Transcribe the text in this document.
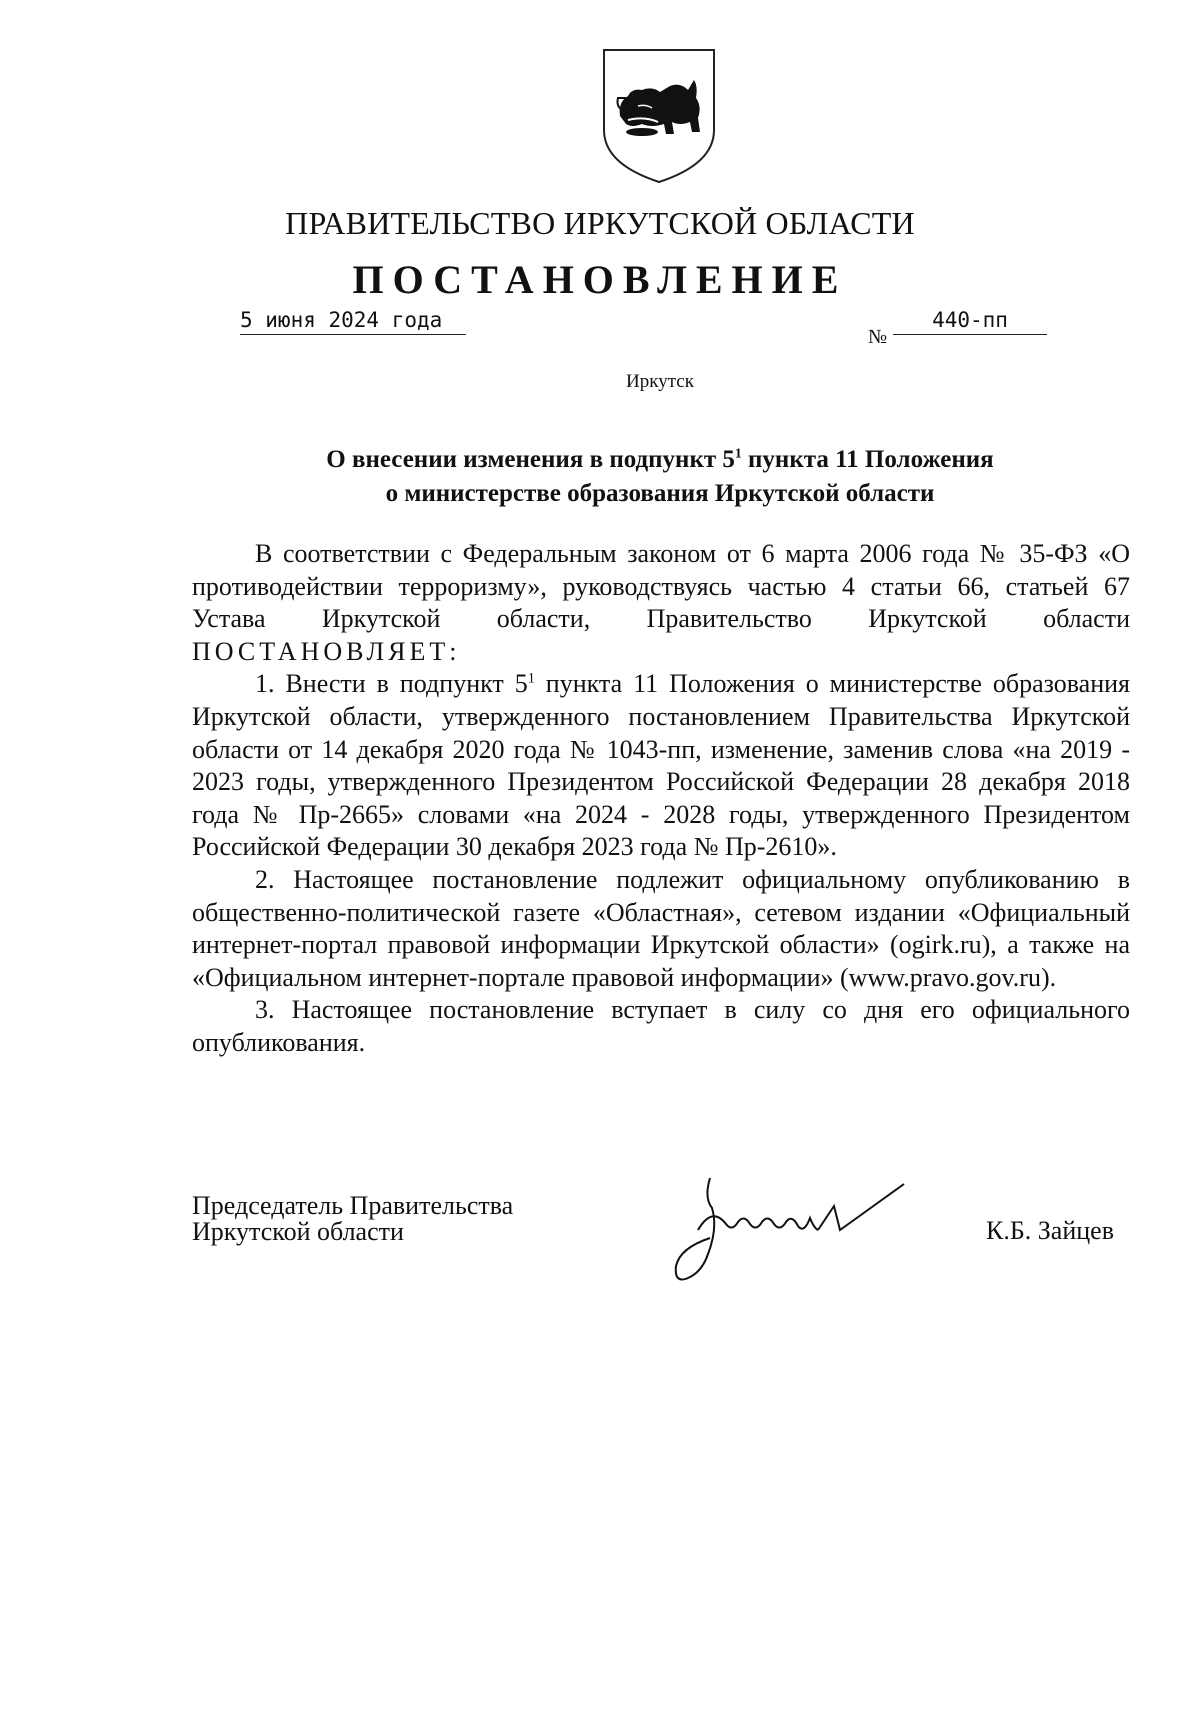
ПРАВИТЕЛЬСТВО ИРКУТСКОЙ ОБЛАСТИ
ПОСТАНОВЛЕНИЕ
5 июня 2024 года
№
440-пп
Иркутск
О внесении изменения в подпункт $5^1$ пункта 11 Положения
о министерстве образования Иркутской области

В соответствии с Федеральным законом от 6 марта 2006 года № 35-ФЗ «О противодействии терроризму», руководствуясь частью 4 статьи 66, статьей 67 Устава Иркутской области, Правительство Иркутской области ПОСТАНОВЛЯЕТ:

1. Внести в подпункт $5^1$ пункта 11 Положения о министерстве образования Иркутской области, утвержденного постановлением Правительства Иркутской области от 14 декабря 2020 года № 1043-пп, изменение, заменив слова «на 2019 - 2023 годы, утвержденного Президентом Российской Федерации 28 декабря 2018 года № Пр-2665» словами «на 2024 - 2028 годы, утвержденного Президентом Российской Федерации 30 декабря 2023 года № Пр-2610».

2. Настоящее постановление подлежит официальному опубликованию в общественно-политической газете «Областная», сетевом издании «Официальный интернет-портал правовой информации Иркутской области» (ogirk.ru), а также на «Официальном интернет-портале правовой информации» (www.pravo.gov.ru).

3. Настоящее постановление вступает в силу со дня его официального опубликования.

Председатель Правительства
Иркутской области	К.Б. Зайцев
